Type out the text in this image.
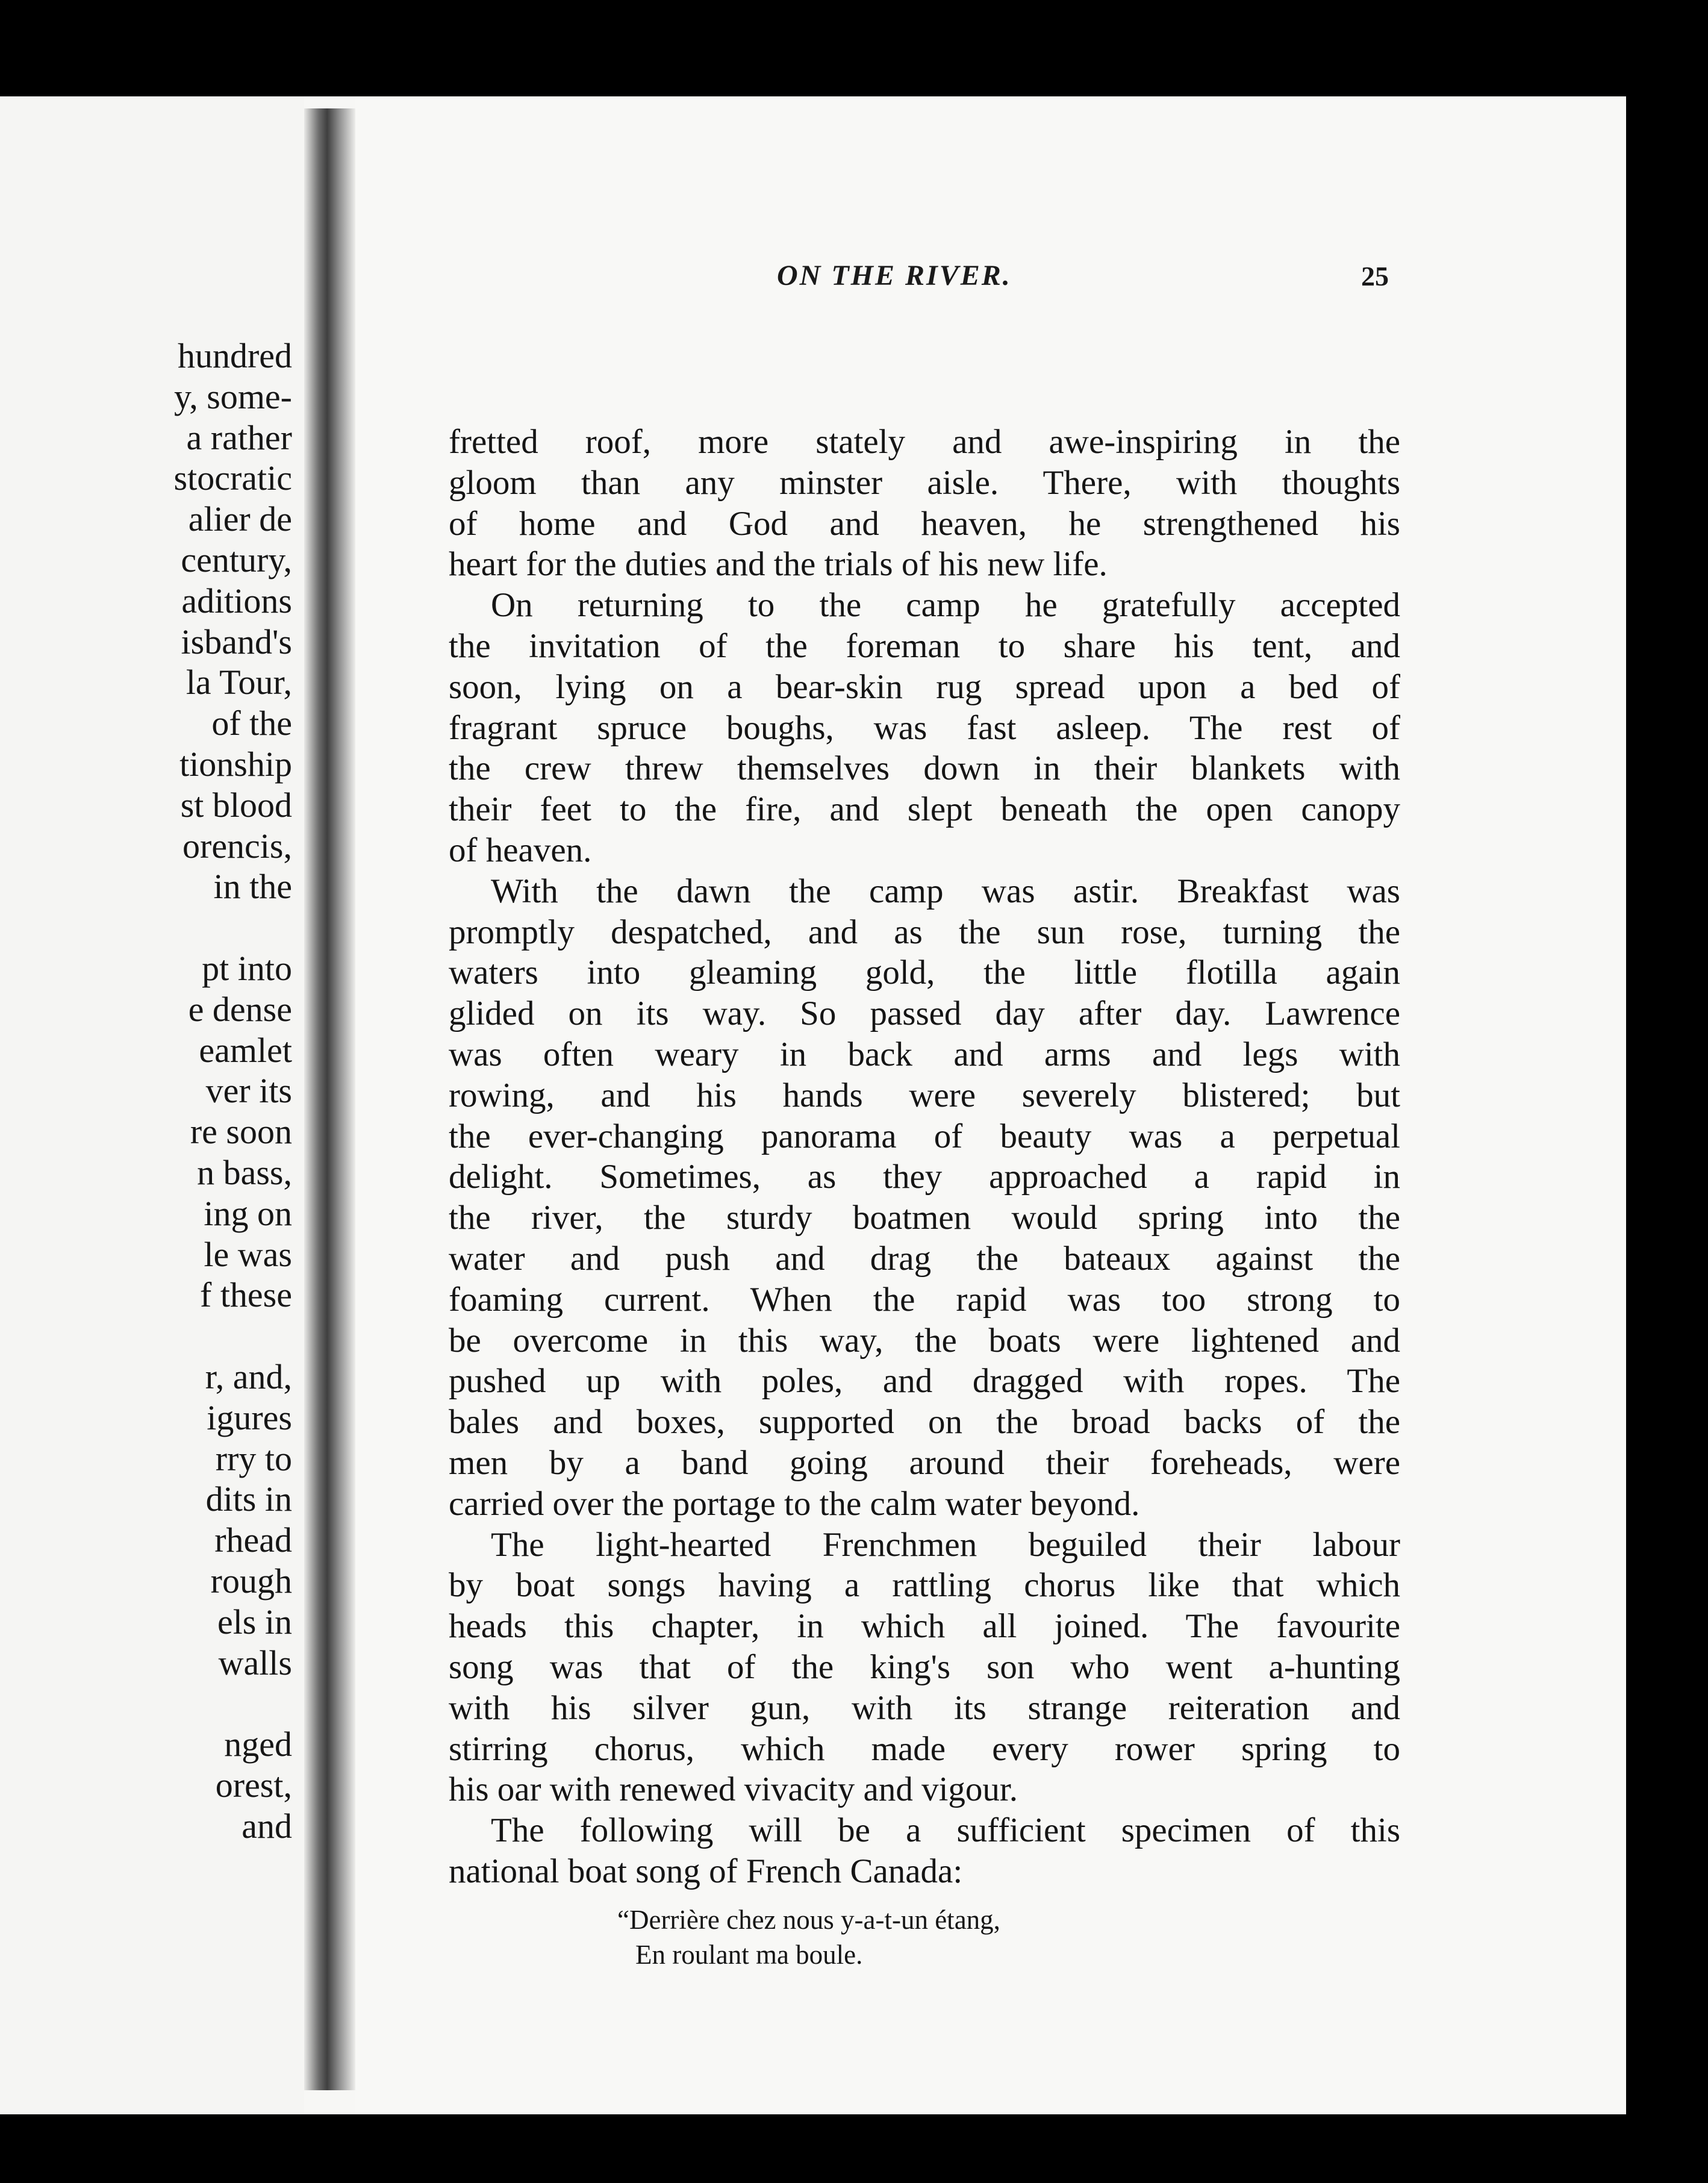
hundred
y, some-
a rather
stocratic
alier de
century,
aditions
isband's
la Tour,
of the
tionship
st blood
orencis,
in the
pt into
e dense
eamlet
ver its
re soon
n bass,
ing on
le was
f these
r, and,
igures
rry to
dits in
rhead
rough
els in
walls
nged
orest,
and
ON THE RIVER.	25
fretted roof, more stately and awe-inspiring in the
gloom than any minster aisle. There, with thoughts
of home and God and heaven, he strengthened his
heart for the duties and the trials of his new life.
On returning to the camp he gratefully accepted
the invitation of the foreman to share his tent, and
soon, lying on a bear-skin rug spread upon a bed of
fragrant spruce boughs, was fast asleep. The rest of
the crew threw themselves down in their blankets with
their feet to the fire, and slept beneath the open canopy
of heaven.
With the dawn the camp was astir. Breakfast was
promptly despatched, and as the sun rose, turning the
waters into gleaming gold, the little flotilla again
glided on its way. So passed day after day. Lawrence
was often weary in back and arms and legs with
rowing, and his hands were severely blistered; but
the ever-changing panorama of beauty was a perpetual
delight. Sometimes, as they approached a rapid in
the river, the sturdy boatmen would spring into the
water and push and drag the bateaux against the
foaming current. When the rapid was too strong to
be overcome in this way, the boats were lightened and
pushed up with poles, and dragged with ropes. The
bales and boxes, supported on the broad backs of the
men by a band going around their foreheads, were
carried over the portage to the calm water beyond.
The light-hearted Frenchmen beguiled their labour
by boat songs having a rattling chorus like that which
heads this chapter, in which all joined. The favourite
song was that of the king's son who went a-hunting
with his silver gun, with its strange reiteration and
stirring chorus, which made every rower spring to
his oar with renewed vivacity and vigour.
The following will be a sufficient specimen of this
national boat song of French Canada:
“Derrière chez nous y-a-t-un étang,
En roulant ma boule.
